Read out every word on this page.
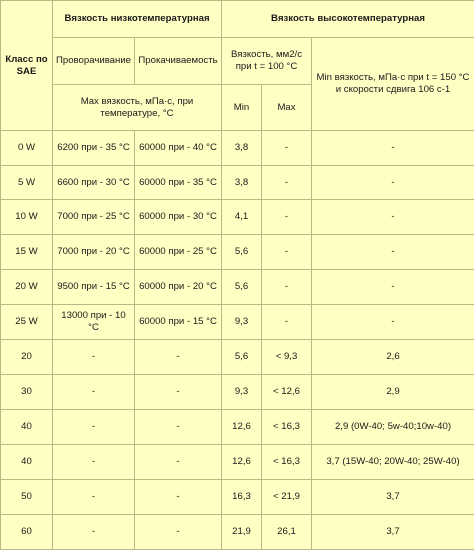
Класс по SAE	Вязкость низкотемпературная		Вязкость высокотемпературная		
	Проворачивание	Прокачиваемость	Вязкость, мм2/с при t = 100 °С		Min вязкость, мПа·с при t = 150 °С и скорости сдвига 106 с-1
	Max вязкость, мПа·с, при температуре, °С		Min	Max	
0 W	6200 при - 35 °С	60000 при - 40 °С	3,8	-	-
5 W	6600 при - 30 °С	60000 при - 35 °С	3,8	-	-
10 W	7000 при - 25 °С	60000 при - 30 °С	4,1	-	-
15 W	7000 при - 20 °С	60000 при - 25 °С	5,6	-	-
20 W	9500 при - 15 °С	60000 при - 20 °С	5,6	-	-
25 W	13000 при - 10 °С	60000 при - 15 °С	9,3	-	-
20	-	-	5,6	< 9,3	2,6
30	-	-	9,3	< 12,6	2,9
40	-	-	12,6	< 16,3	2,9 (0W-40; 5w-40;10w-40)
40	-	-	12,6	< 16,3	3,7 (15W-40; 20W-40; 25W-40)
50	-	-	16,3	< 21,9	3,7
60	-	-	21,9	26,1	3,7
